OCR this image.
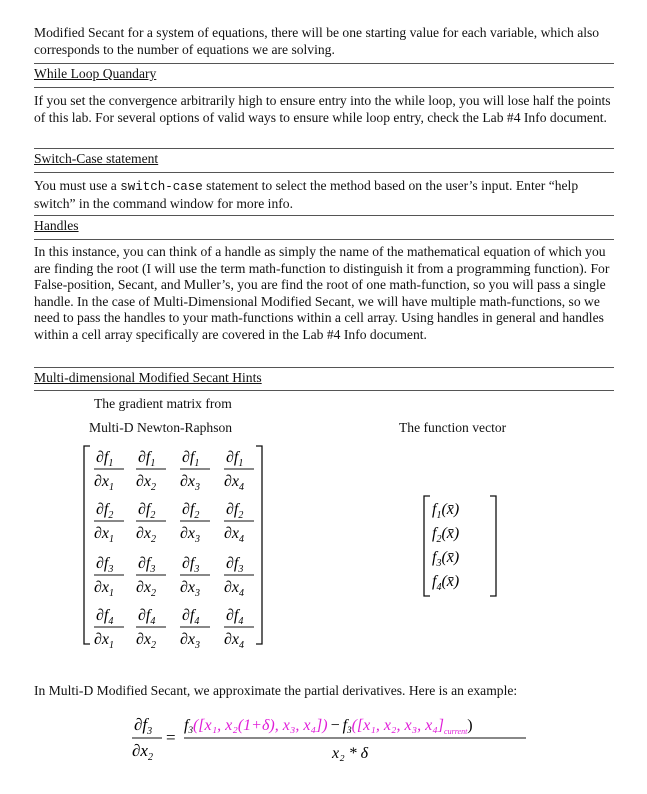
Modified Secant for a system of equations, there will be one starting value for each variable, which also corresponds to the number of equations we are solving.

While Loop Quandary

If you set the convergence arbitrarily high to ensure entry into the while loop, you will lose half the points of this lab. For several options of valid ways to ensure while loop entry, check the Lab #4 Info document.

Switch-Case statement

You must use a switch-case statement to select the method based on the user’s input. Enter “help switch” in the command window for more info.

Handles

In this instance, you can think of a handle as simply the name of the mathematical equation of which you are finding the root (I will use the term math-function to distinguish it from a programming function). For False-position, Secant, and Muller’s, you are find the root of one math-function, so you will pass a single handle. In the case of Multi-Dimensional Modified Secant, we will have multiple math-functions, so we need to pass the handles to your math-functions within a cell array. Using handles in general and handles within a cell array specifically are covered in the Lab #4 Info document.

Multi-dimensional Modified Secant Hints

The gradient matrix from

Multi-D Newton-Raphson	The function vector

$\partial f_1$
$\partial x_1$
$\partial f_1$
$\partial x_2$
$\partial f_1$
$\partial x_3$
$\partial f_1$
$\partial x_4$
$\partial f_2$
$\partial x_1$
$\partial f_2$
$\partial x_2$
$\partial f_2$
$\partial x_3$
$\partial f_2$
$\partial x_4$
$\partial f_3$
$\partial x_1$
$\partial f_3$
$\partial x_2$
$\partial f_3$
$\partial x_3$
$\partial f_3$
$\partial x_4$
$\partial f_4$
$\partial x_1$
$\partial f_4$
$\partial x_2$
$\partial f_4$
$\partial x_3$
$\partial f_4$
$\partial x_4$
$f_1(x̄)$
$f_2(x̄)$
$f_3(x̄)$
$f_4(x̄)$

In Multi-D Modified Secant, we approximate the partial derivatives. Here is an example:

$\partial f_3$
$\partial x_2$
=
f3([x₁, x₂(1+δ), x₃, x₄]) − f3([x₁, x₂, x₃, $x_4]_{current}$)
x₂ * δ
